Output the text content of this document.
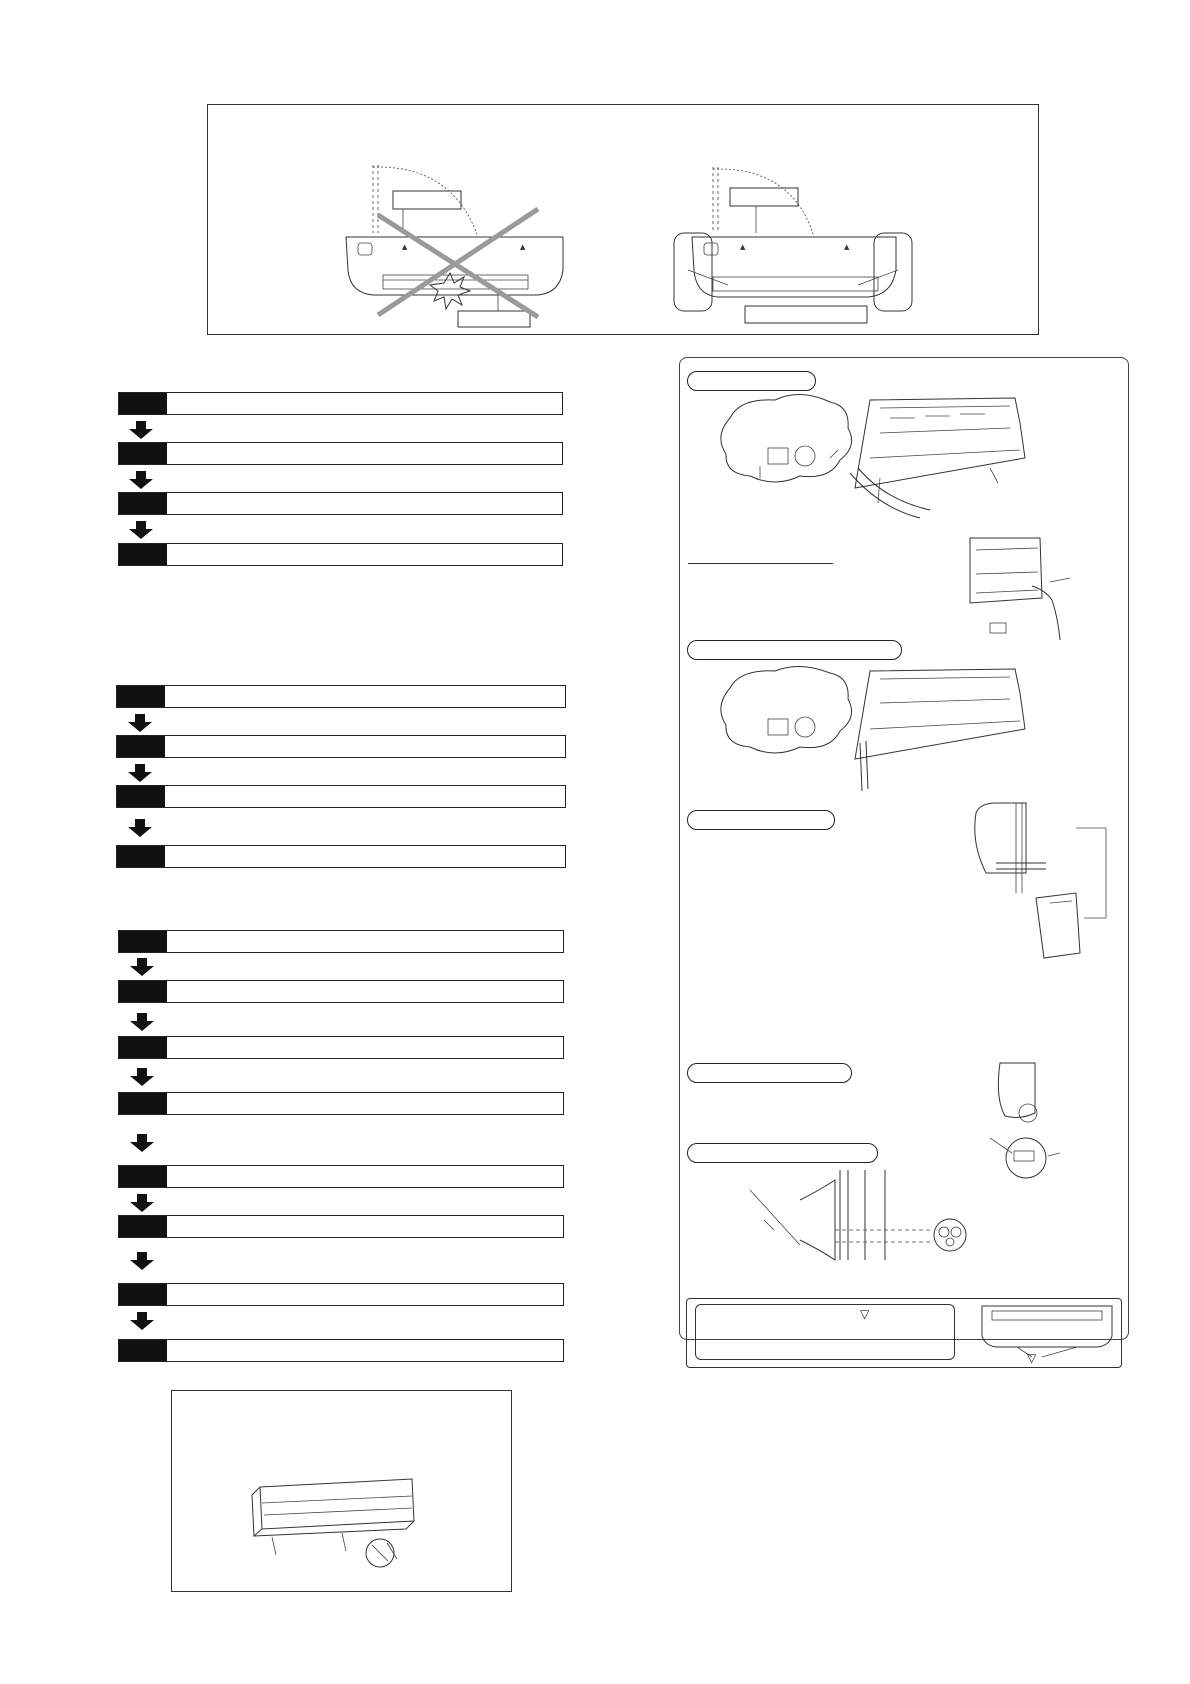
▲	▲	▲	▲
▽
▽
